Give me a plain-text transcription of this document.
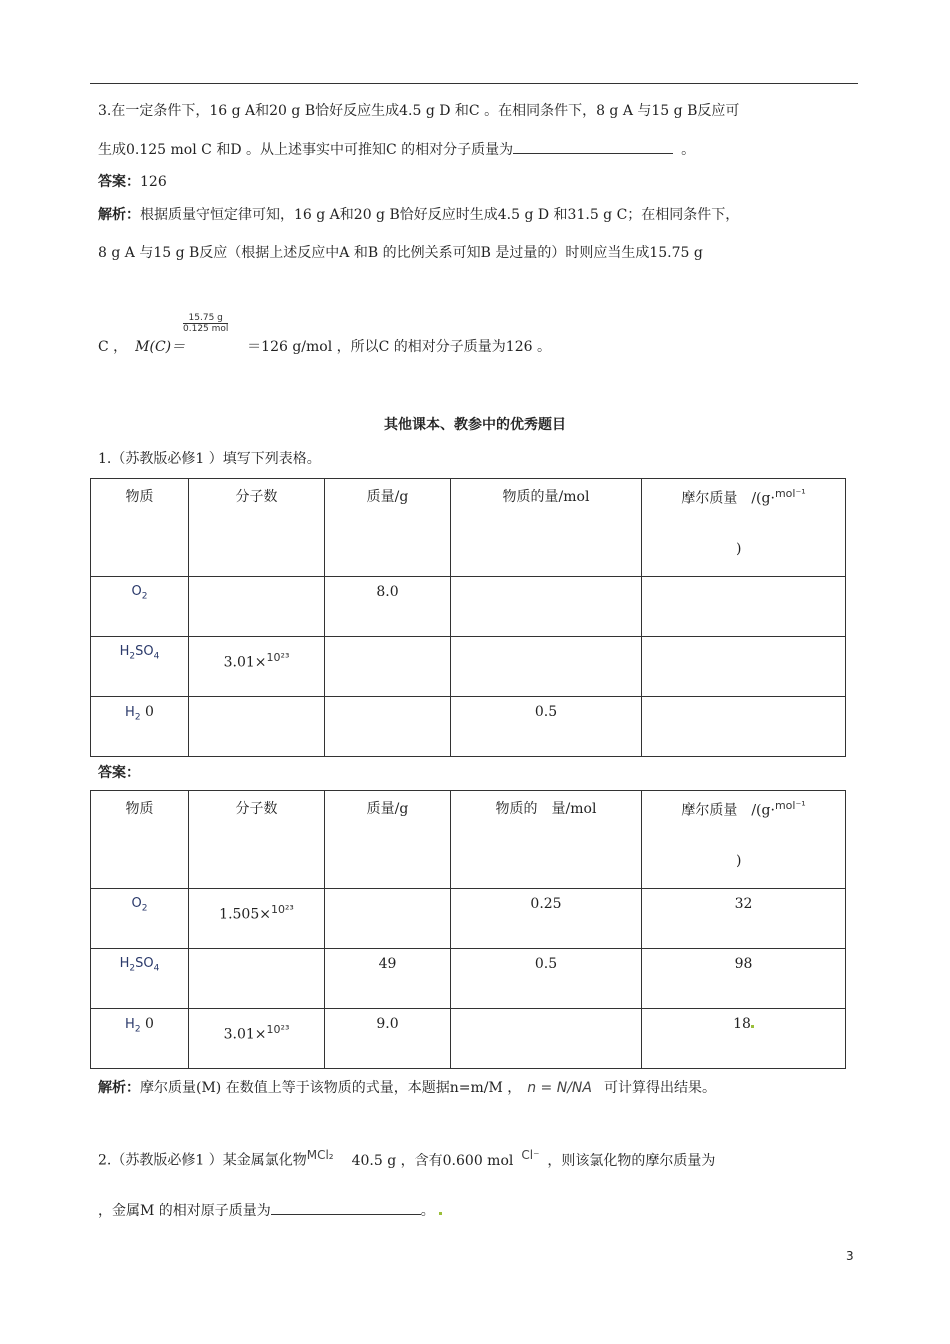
3.在一定条件下，16 g A和20 g B恰好反应生成4.5 g D 和C 。在相同条件下，8 g A 与15 g B反应可
生成0.125 mol C 和D 。从上述事实中可推知C 的相对分子质量为	。
答案：126
解析：根据质量守恒定律可知，16 g A和20 g B恰好反应时生成4.5 g D 和31.5 g C；在相同条件下，
8 g A 与15 g B反应（根据上述反应中A 和B 的比例关系可知B 是过量的）时则应当生成15.75 g
15.75 g
0.125 mol
C ， M(C)＝	＝126 g/mol ，所以C 的相对分子质量为126 。
其他课本、教参中的优秀题目
1.（苏教版必修1 ）填写下列表格。
物质	分子数	质量/g	物质的量/mol	摩尔质量　/(g·$^{mol^{-1}}$
)

$O_2$		8.0		

$H_2SO_4$	3.01×$^{10^{23}}$

$H_2$ 0			0.5	

答案：
物质	分子数	质量/g	物质的　量/mol	摩尔质量　/(g·$^{mol^{-1}}$
)

$O_2$	1.505×$^{10^{23}}$		0.25	32

$H_2SO_4$		49	0.5	98

$H_2$ 0	3.01×$^{10^{23}}$	9.0		18
解析：摩尔质量(M) 在数值上等于该物质的式量，本题据n=m/M ， n = N/NA 可计算得出结果。
2.（苏教版必修1 ）某金属氯化物MCl₂ 40.5 g ，含有0.600 mol Cl⁻ ，则该氯化物的摩尔质量为
，金属M 的相对原子质量为	。
3
